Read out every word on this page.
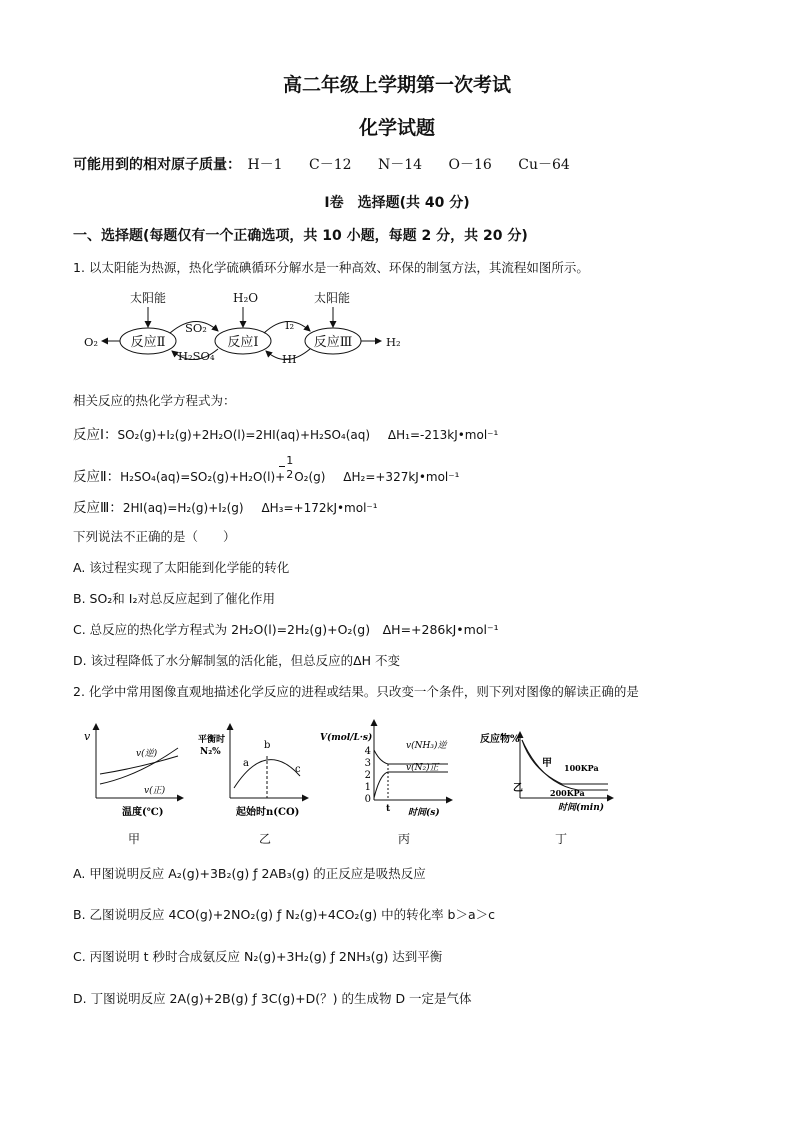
高二年级上学期第一次考试
化学试题
可能用到的相对原子质量： H－1 C－12 N－14 O－16 Cu－64
Ⅰ卷　选择题(共 40 分)
一、选择题(每题仅有一个正确选项，共 10 小题，每题 2 分，共 20 分)
1. 以太阳能为热源，热化学硫碘循环分解水是一种高效、环保的制氢方法，其流程如图所示。
太阳能	H₂O	太阳能
反应Ⅱ	反应Ⅰ	反应Ⅲ
SO₂
H₂SO₄
I₂
HI
O₂	H₂
相关反应的热化学方程式为：
反应Ⅰ：SO₂(g)+I₂(g)+2H₂O(l)=2HI(aq)+H₂SO₄(aq) ΔH₁=-213kJ•mol⁻¹
反应Ⅱ：H₂SO₄(aq)=SO₂(g)+H₂O(l)+
1
2 O₂(g) ΔH₂=+327kJ•mol⁻¹
反应Ⅲ：2HI(aq)=H₂(g)+I₂(g) ΔH₃=+172kJ•mol⁻¹
下列说法不正确的是（　　）
A. 该过程实现了太阳能到化学能的转化
B. SO₂和 I₂对总反应起到了催化作用
C. 总反应的热化学方程式为 2H₂O(l)=2H₂(g)+O₂(g)　ΔH=+286kJ•mol⁻¹
D. 该过程降低了水分解制氢的活化能，但总反应的ΔH 不变
2. 化学中常用图像直观地描述化学反应的进程或结果。只改变一个条件，则下列对图像的解读正确的是
v
v(逆)
v(正)
温度(℃)
平衡时
N₂%
a
b
c
起始时n(CO)
V(mol/L·s)
4
3
2
1
0
t
v(NH₃)逆
v(N₂)正
时间(s)
反应物%
甲
乙
100KPa
200KPa
时间(min)
甲	乙	丙	丁
A. 甲图说明反应 A₂(g)+3B₂(g) ƒ 2AB₃(g) 的正反应是吸热反应
B. 乙图说明反应 4CO(g)+2NO₂(g) ƒ N₂(g)+4CO₂(g) 中的转化率 b＞a＞c
C. 丙图说明 t 秒时合成氨反应 N₂(g)+3H₂(g) ƒ 2NH₃(g) 达到平衡
D. 丁图说明反应 2A(g)+2B(g) ƒ 3C(g)+D(？) 的生成物 D 一定是气体
